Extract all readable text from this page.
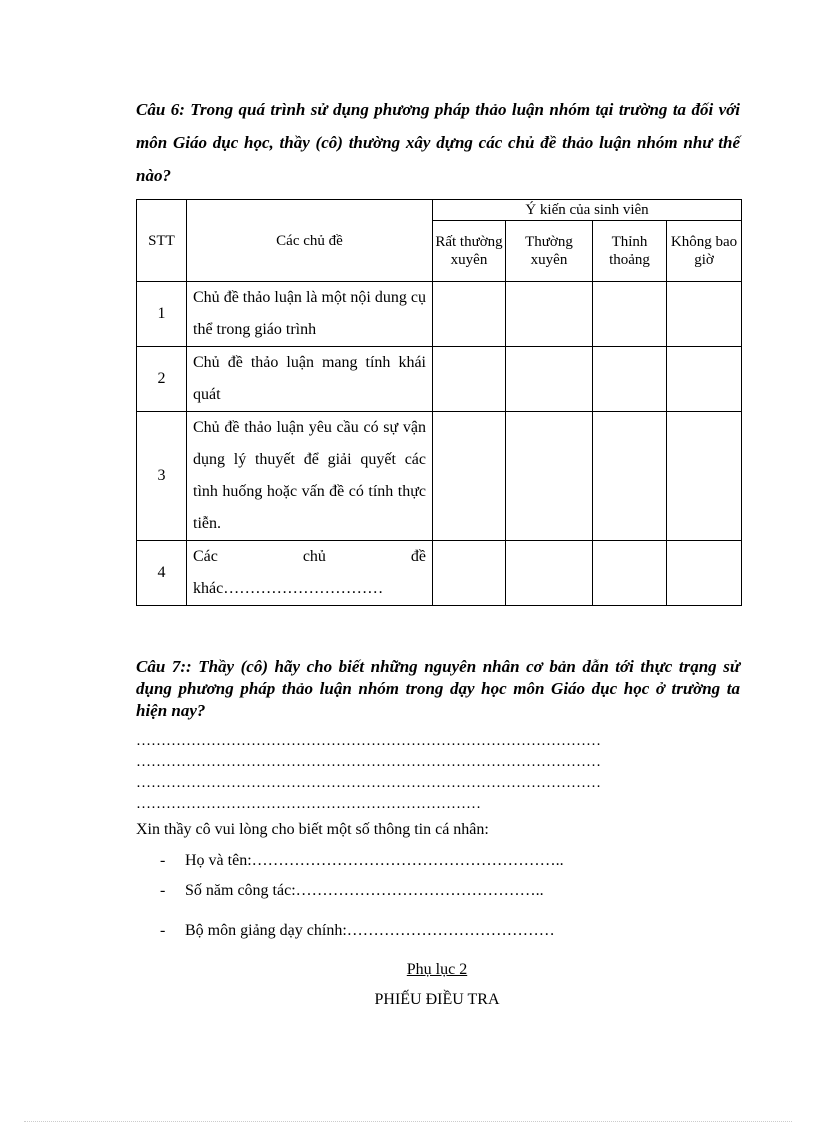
Câu 6: Trong quá trình sử dụng phương pháp thảo luận nhóm tại trường ta đối với môn Giáo dục học, thầy (cô) thường xây dựng các chủ đề thảo luận nhóm như thế nào?

STT	Các chủ đề	Ý kiến của sinh viên			
		Rất thường xuyên	Thường xuyên	Thỉnh thoảng	Không bao giờ
1	Chủ đề thảo luận là một nội dung cụ thể trong giáo trình				
2	Chủ đề thảo luận mang tính khái quát				
3	Chủ đề thảo luận yêu cầu có sự vận dụng lý thuyết để giải quyết các tình huống hoặc vấn đề có tính thực tiễn.				
4	Các chủ đề
khác…………………………				

Câu 7:: Thầy (cô) hãy cho biết những nguyên nhân cơ bản dẫn tới thực trạng sử dụng phương pháp thảo luận nhóm trong dạy học môn Giáo dục học ở trường ta hiện nay?

…………………………………………………………………………………
…………………………………………………………………………………
…………………………………………………………………………………
……………………………………………………………
Xin thầy cô vui lòng cho biết một số thông tin cá nhân:
- Họ và tên:…………………………………………………..
- Số năm công tác:………………………………………..
- Bộ môn giảng dạy chính:…………………………………
Phụ lục 2
PHIẾU ĐIỀU TRA
